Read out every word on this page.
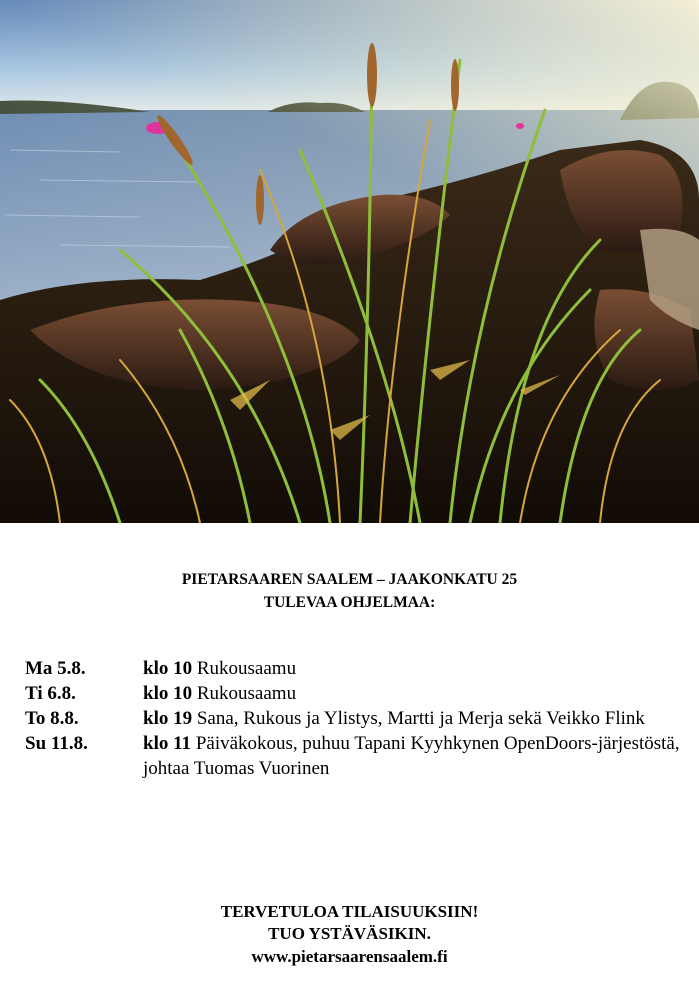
PIETARSAAREN SAALEM – JAAKONKATU 25
TULEVAA OHJELMAA:
Ma 5.8.	klo 10 Rukousaamu
Ti 6.8.	klo 10 Rukousaamu
To 8.8.	klo 19 Sana, Rukous ja Ylistys, Martti ja Merja sekä Veikko Flink
Su 11.8.	klo 11 Päiväkokous, puhuu Tapani Kyyhkynen OpenDoors-järjestöstä, johtaa Tuomas Vuorinen
TERVETULOA TILAISUUKSIIN!
TUO YSTÄVÄSIKIN.
www.pietarsaarensaalem.fi
